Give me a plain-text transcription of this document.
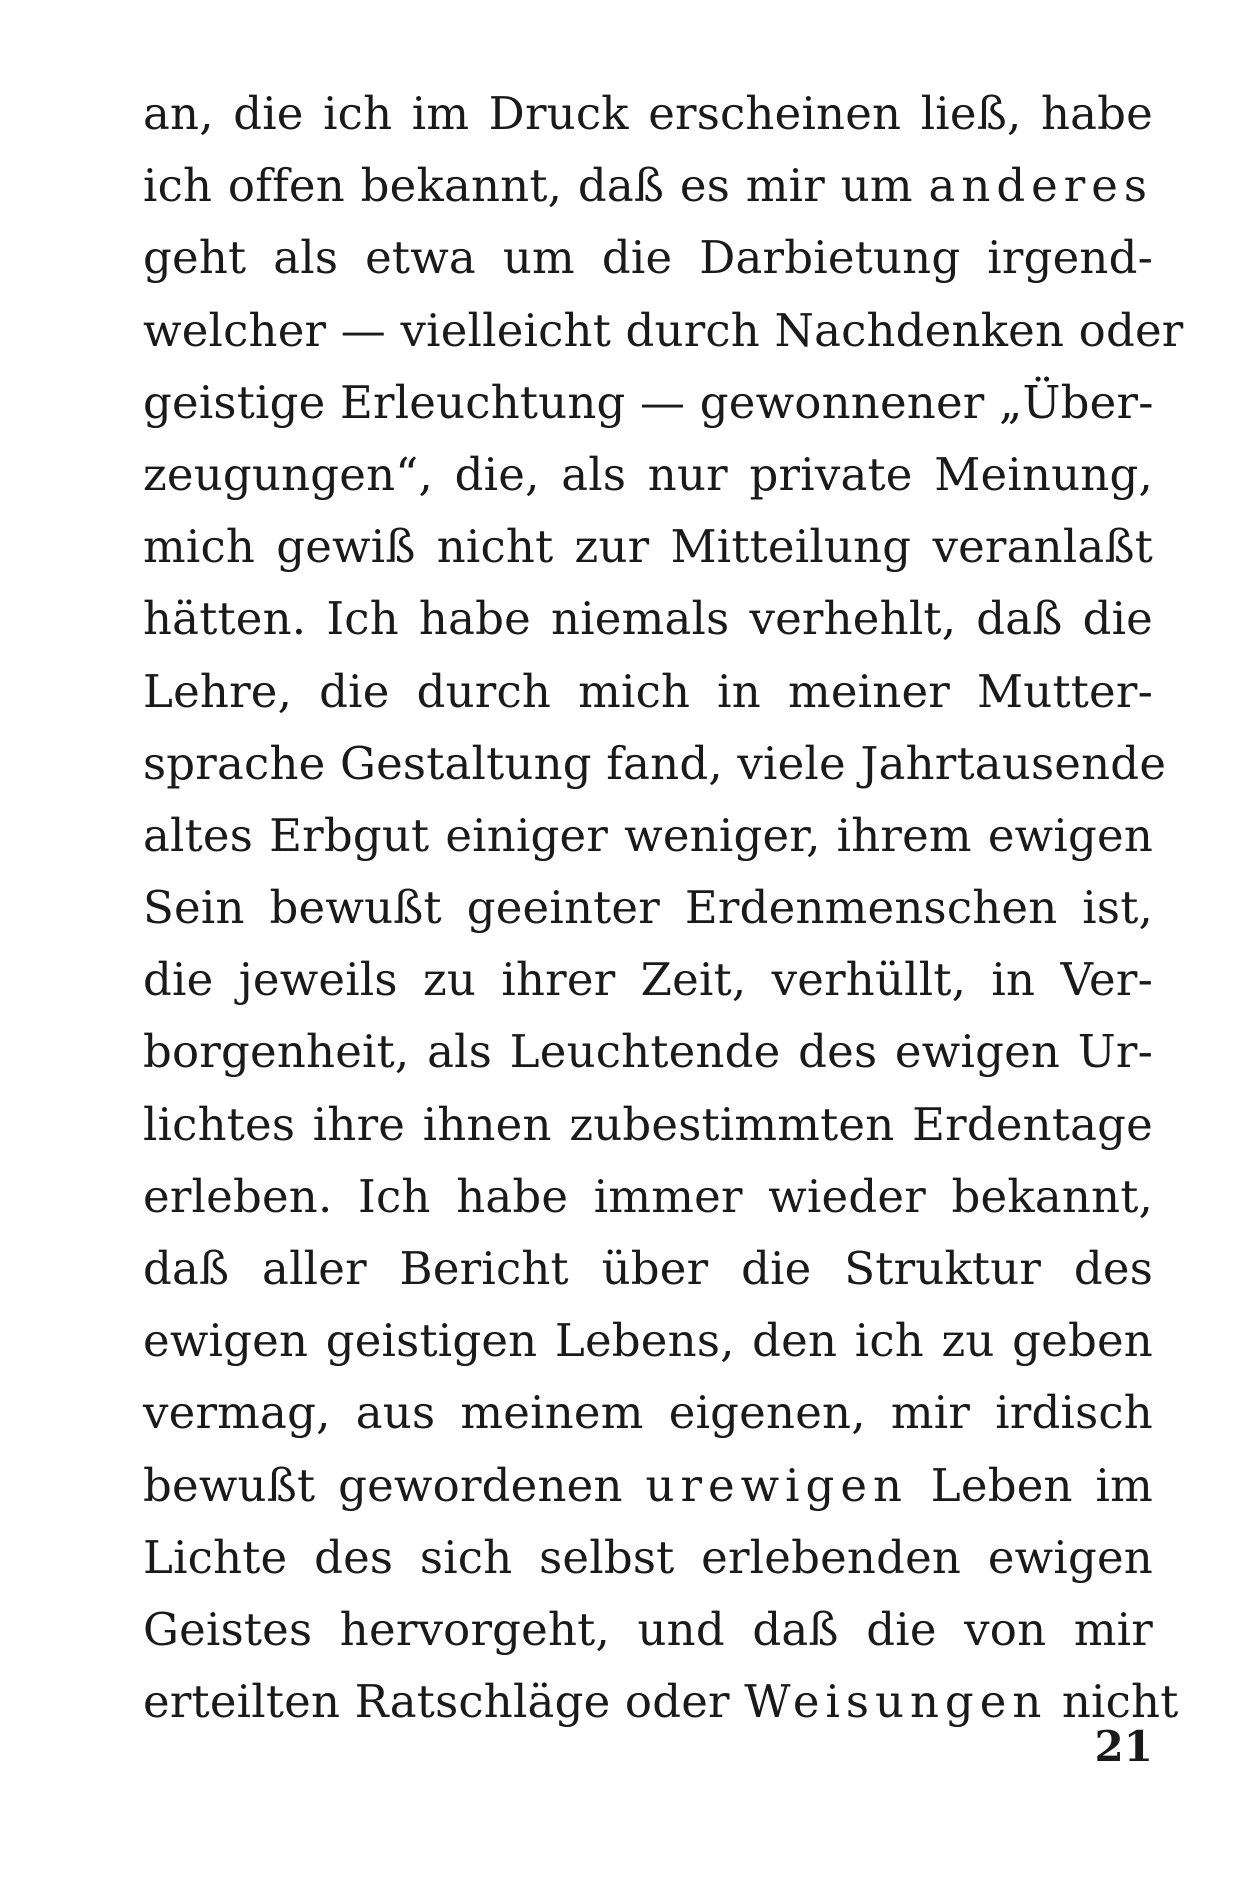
an, die ich im Druck erscheinen ließ, habe
ich offen bekannt, daß es mir um anderes
geht als etwa um die Darbietung irgend-
welcher — vielleicht durch Nachdenken oder
geistige Erleuchtung — gewonnener „Über-
zeugungen“, die, als nur private Meinung,
mich gewiß nicht zur Mitteilung veranlaßt
hätten. Ich habe niemals verhehlt, daß die
Lehre, die durch mich in meiner Mutter-
sprache Gestaltung fand, viele Jahrtausende
altes Erbgut einiger weniger, ihrem ewigen
Sein bewußt geeinter Erdenmenschen ist,
die jeweils zu ihrer Zeit, verhüllt, in Ver-
borgenheit, als Leuchtende des ewigen Ur-
lichtes ihre ihnen zubestimmten Erdentage
erleben. Ich habe immer wieder bekannt,
daß aller Bericht über die Struktur des
ewigen geistigen Lebens, den ich zu geben
vermag, aus meinem eigenen, mir irdisch
bewußt gewordenen urewigen Leben im
Lichte des sich selbst erlebenden ewigen
Geistes hervorgeht, und daß die von mir
erteilten Ratschläge oder Weisungen nicht
21
